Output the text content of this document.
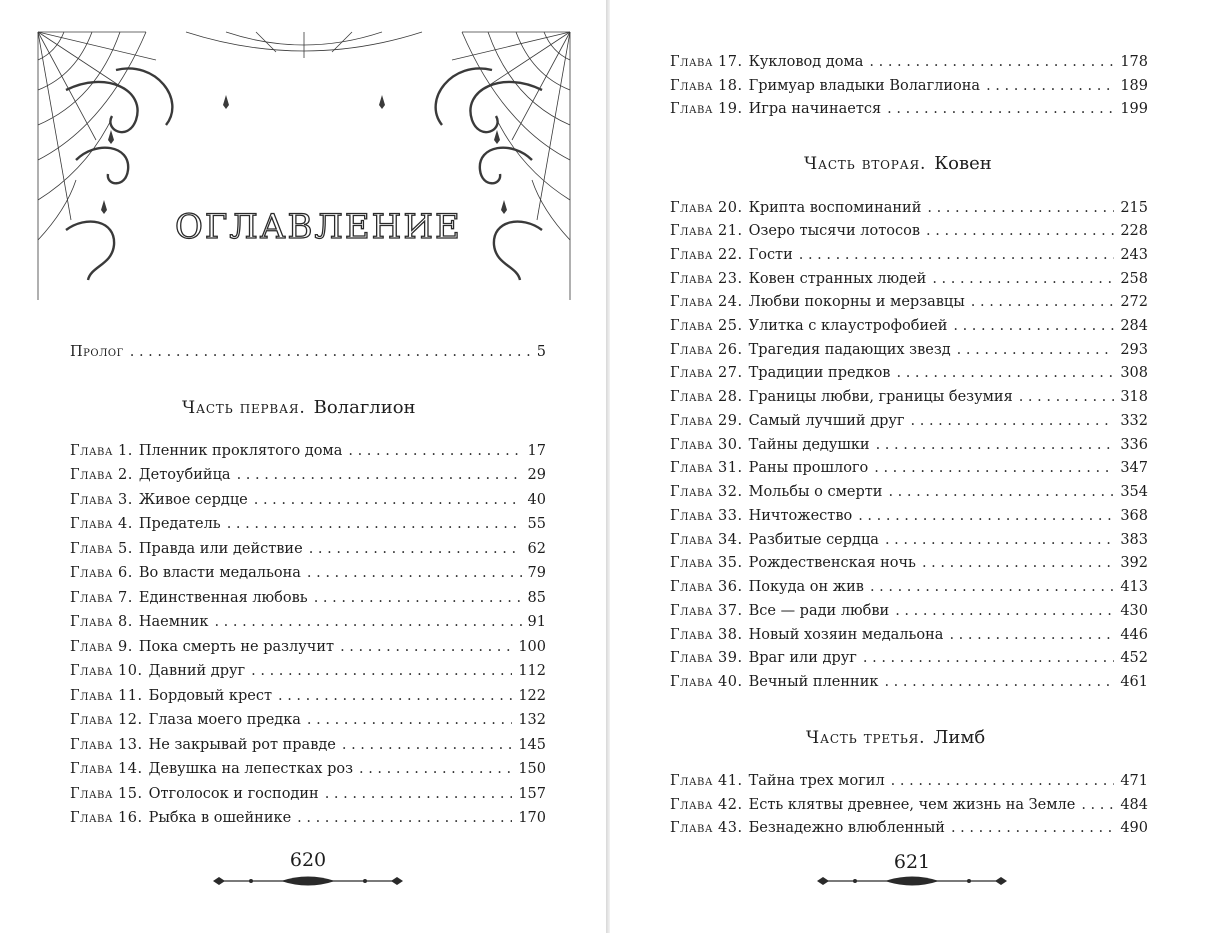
ОГЛАВЛЕНИЕ
Пролог . . .	5
Часть первая. Волаглион
Глава 1. Пленник проклятого дома . . .	17
Глава 2. Детоубийца . . .	29
Глава 3. Живое сердце . . .	40
Глава 4. Предатель . . .	55
Глава 5. Правда или действие . . .	62
Глава 6. Во власти медальона . . .	79
Глава 7. Единственная любовь . . .	85
Глава 8. Наемник . . .	91
Глава 9. Пока смерть не разлучит . . .	100
Глава 10. Давний друг . . .	112
Глава 11. Бордовый крест . . .	122
Глава 12. Глаза моего предка . . .	132
Глава 13. Не закрывай рот правде . . .	145
Глава 14. Девушка на лепестках роз . . .	150
Глава 15. Отголосок и господин . . .	157
Глава 16. Рыбка в ошейнике . . .	170
620
Глава 17. Кукловод дома . . .	178
Глава 18. Гримуар владыки Волаглиона . . .	189
Глава 19. Игра начинается . . .	199
Часть вторая. Ковен
Глава 20. Крипта воспоминаний . . .	215
Глава 21. Озеро тысячи лотосов . . .	228
Глава 22. Гости . . .	243
Глава 23. Ковен странных людей . . .	258
Глава 24. Любви покорны и мерзавцы . . .	272
Глава 25. Улитка с клаустрофобией . . .	284
Глава 26. Трагедия падающих звезд . . .	293
Глава 27. Традиции предков . . .	308
Глава 28. Границы любви, границы безумия . . .	318
Глава 29. Самый лучший друг . . .	332
Глава 30. Тайны дедушки . . .	336
Глава 31. Раны прошлого . . .	347
Глава 32. Мольбы о смерти . . .	354
Глава 33. Ничтожество . . .	368
Глава 34. Разбитые сердца . . .	383
Глава 35. Рождественская ночь . . .	392
Глава 36. Покуда он жив . . .	413
Глава 37. Все — ради любви . . .	430
Глава 38. Новый хозяин медальона . . .	446
Глава 39. Враг или друг . . .	452
Глава 40. Вечный пленник . . .	461
Часть третья. Лимб
Глава 41. Тайна трех могил . . .	471
Глава 42. Есть клятвы древнее, чем жизнь на Земле . . .	484
Глава 43. Безнадежно влюбленный . . .	490
621
